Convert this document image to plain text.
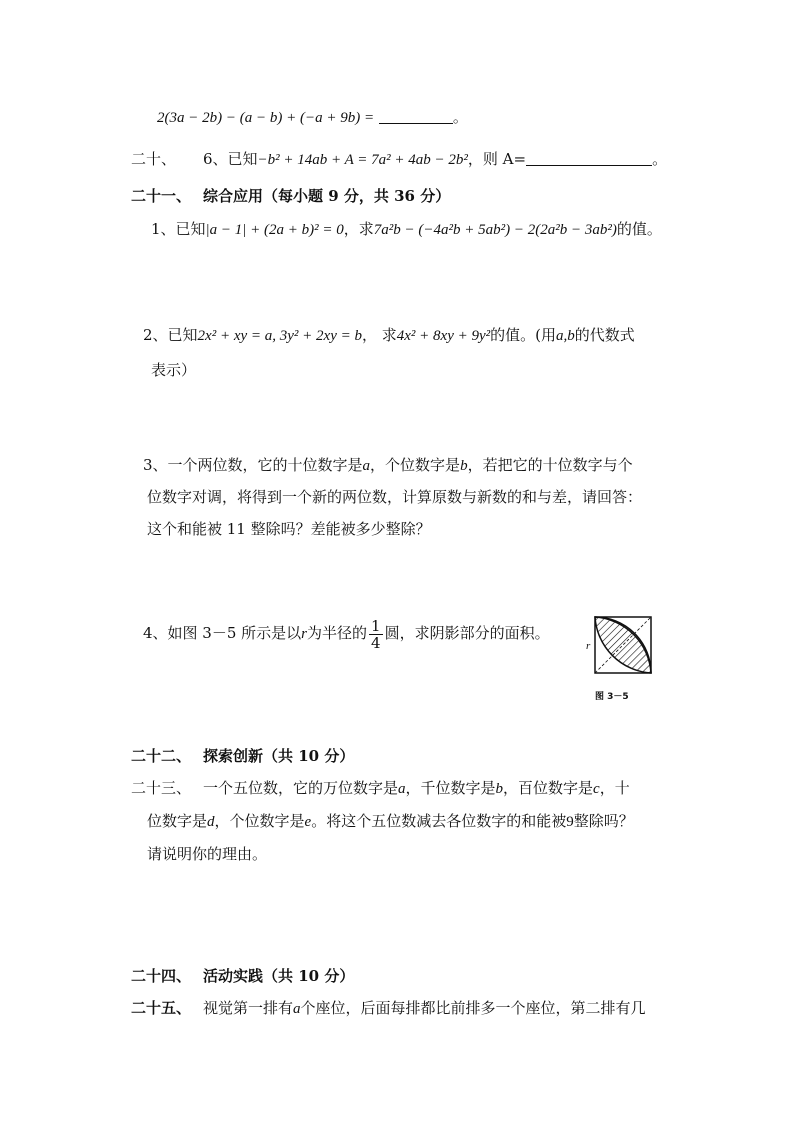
2(3a − 2b) − (a − b) + (−a + 9b) =	。
二十、 6、已知−b² + 14ab + A = 7a² + 4ab − 2b²，则 A=	。
二十一、 综合应用（每小题 9 分，共 36 分）
1、已知|a − 1| + (2a + b)² = 0，求7a²b − (−4a²b + 5ab²) − 2(2a²b − 3ab²)的值。
2、已知2x² + xy = a, 3y² + 2xy = b， 求4x² + 8xy + 9y²的值。(用a,b的代数式
表示）
3、一个两位数，它的十位数字是a，个位数字是b，若把它的十位数字与个
位数字对调，将得到一个新的两位数，计算原数与新数的和与差，请回答：
这个和能被 11 整除吗？差能被多少整除？
4、如图 3－5 所示是以r为半径的 $\frac{1}{4}$ 圆，求阴影部分的面积。
r
图 3－5
二十二、 探索创新（共 10 分）
二十三、 一个五位数，它的万位数字是a，千位数字是b，百位数字是c，十
位数字是d，个位数字是e。将这个五位数减去各位数字的和能被9整除吗？
请说明你的理由。
二十四、 活动实践（共 10 分）
二十五、 视觉第一排有a个座位，后面每排都比前排多一个座位，第二排有几
